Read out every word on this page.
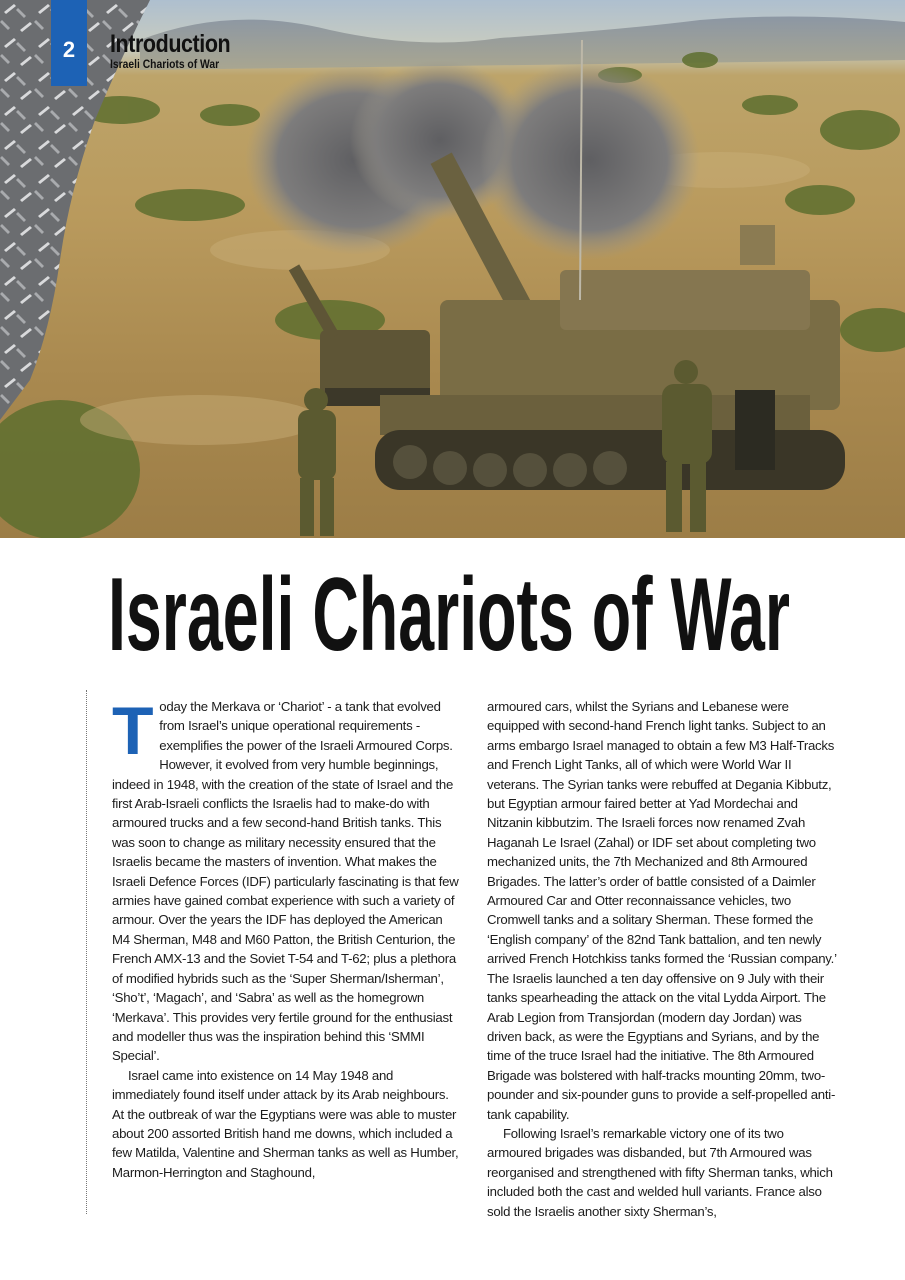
2	Introduction
Israeli Chariots of War
Israeli Chariots of War

Today the Merkava or ‘Chariot’ - a tank that evolved from Israel’s unique operational requirements - exemplifies the power of the Israeli Armoured Corps. However, it evolved from very humble beginnings, indeed in 1948, with the creation of the state of Israel and the first Arab-Israeli conflicts the Israelis had to make-do with armoured trucks and a few second-hand British tanks. This was soon to change as military necessity ensured that the Israelis became the masters of invention. What makes the Israeli Defence Forces (IDF) particularly fascinating is that few armies have gained combat experience with such a variety of armour. Over the years the IDF has deployed the American M4 Sherman, M48 and M60 Patton, the British Centurion, the French AMX-13 and the Soviet T-54 and T-62; plus a plethora of modified hybrids such as the ‘Super Sherman/Isherman’, ‘Sho’t’, ‘Magach’, and ‘Sabra’ as well as the homegrown ‘Merkava’. This provides very fertile ground for the enthusiast and modeller thus was the inspiration behind this ‘SMMI Special’.

Israel came into existence on 14 May 1948 and immediately found itself under attack by its Arab neighbours. At the outbreak of war the Egyptians were was able to muster about 200 assorted British hand me downs, which included a few Matilda, Valentine and Sherman tanks as well as Humber, Marmon-Herrington and Staghound,

armoured cars, whilst the Syrians and Lebanese were equipped with second-hand French light tanks. Subject to an arms embargo Israel managed to obtain a few M3 Half-Tracks and French Light Tanks, all of which were World War II veterans. The Syrian tanks were rebuffed at Degania Kibbutz, but Egyptian armour faired better at Yad Mordechai and Nitzanin kibbutzim. The Israeli forces now renamed Zvah Haganah Le Israel (Zahal) or IDF set about completing two mechanized units, the 7th Mechanized and 8th Armoured Brigades. The latter’s order of battle consisted of a Daimler Armoured Car and Otter reconnaissance vehicles, two Cromwell tanks and a solitary Sherman. These formed the ‘English company’ of the 82nd Tank battalion, and ten newly arrived French Hotchkiss tanks formed the ‘Russian company.’ The Israelis launched a ten day offensive on 9 July with their tanks spearheading the attack on the vital Lydda Airport. The Arab Legion from Transjordan (modern day Jordan) was driven back, as were the Egyptians and Syrians, and by the time of the truce Israel had the initiative. The 8th Armoured Brigade was bolstered with half-tracks mounting 20mm, two-pounder and six-pounder guns to provide a self-propelled anti-tank capability.

Following Israel’s remarkable victory one of its two armoured brigades was disbanded, but 7th Armoured was reorganised and strengthened with fifty Sherman tanks, which included both the cast and welded hull variants. France also sold the Israelis another sixty Sherman’s,
